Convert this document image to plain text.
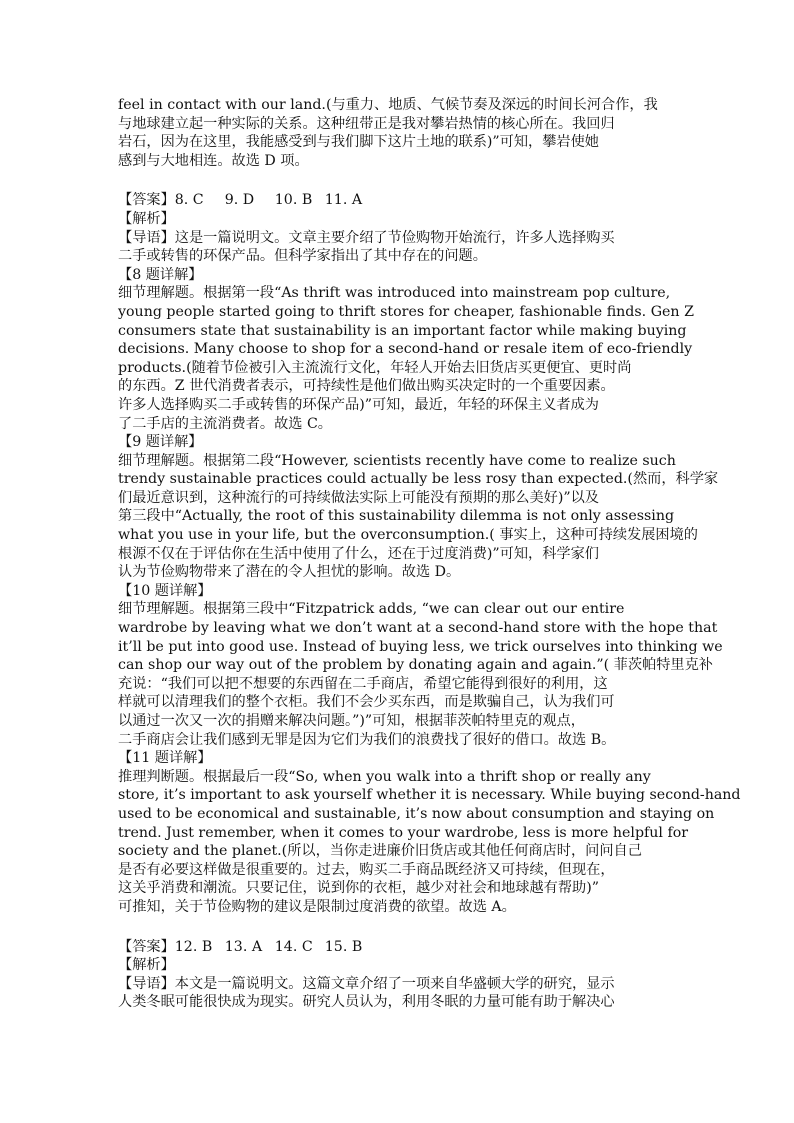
feel in contact with our land.(与重力、地质、气候节奏及深远的时间长河合作，我
与地球建立起一种实际的关系。这种纽带正是我对攀岩热情的核心所在。我回归
岩石，因为在这里，我能感受到与我们脚下这片土地的联系)”可知，攀岩使她
感到与大地相连。故选 D 项。
【答案】8. C 9. D 10. B 11. A
【解析】
【导语】这是一篇说明文。文章主要介绍了节俭购物开始流行，许多人选择购买
二手或转售的环保产品。但科学家指出了其中存在的问题。
【8 题详解】
细节理解题。根据第一段“As thrift was introduced into mainstream pop culture,
young people started going to thrift stores for cheaper, fashionable finds. Gen Z
consumers state that sustainability is an important factor while making buying
decisions. Many choose to shop for a second-hand or resale item of eco-friendly
products.(随着节俭被引入主流流行文化，年轻人开始去旧货店买更便宜、更时尚
的东西。Z 世代消费者表示，可持续性是他们做出购买决定时的一个重要因素。
许多人选择购买二手或转售的环保产品)”可知，最近，年轻的环保主义者成为
了二手店的主流消费者。故选 C。
【9 题详解】
细节理解题。根据第二段“However, scientists recently have come to realize such
trendy sustainable practices could actually be less rosy than expected.(然而，科学家
们最近意识到，这种流行的可持续做法实际上可能没有预期的那么美好)”以及
第三段中“Actually, the root of this sustainability dilemma is not only assessing
what you use in your life, but the overconsumption.( 事实上，这种可持续发展困境的
根源不仅在于评估你在生活中使用了什么，还在于过度消费)”可知，科学家们
认为节俭购物带来了潜在的令人担忧的影响。故选 D。
【10 题详解】
细节理解题。根据第三段中“Fitzpatrick adds, “we can clear out our entire
wardrobe by leaving what we don’t want at a second-hand store with the hope that
it’ll be put into good use. Instead of buying less, we trick ourselves into thinking we
can shop our way out of the problem by donating again and again.”( 菲茨帕特里克补
充说：“我们可以把不想要的东西留在二手商店，希望它能得到很好的利用，这
样就可以清理我们的整个衣柜。我们不会少买东西，而是欺骗自己，认为我们可
以通过一次又一次的捐赠来解决问题。”)”可知，根据菲茨帕特里克的观点，
二手商店会让我们感到无罪是因为它们为我们的浪费找了很好的借口。故选 B。
【11 题详解】
推理判断题。根据最后一段“So, when you walk into a thrift shop or really any
store, it’s important to ask yourself whether it is necessary. While buying second-hand
used to be economical and sustainable, it’s now about consumption and staying on
trend. Just remember, when it comes to your wardrobe, less is more helpful for
society and the planet.(所以，当你走进廉价旧货店或其他任何商店时，问问自己
是否有必要这样做是很重要的。过去，购买二手商品既经济又可持续，但现在，
这关乎消费和潮流。只要记住，说到你的衣柜，越少对社会和地球越有帮助)”
可推知，关于节俭购物的建议是限制过度消费的欲望。故选 A。
【答案】12. B 13. A 14. C 15. B
【解析】
【导语】本文是一篇说明文。这篇文章介绍了一项来自华盛顿大学的研究，显示
人类冬眠可能很快成为现实。研究人员认为，利用冬眠的力量可能有助于解决心
